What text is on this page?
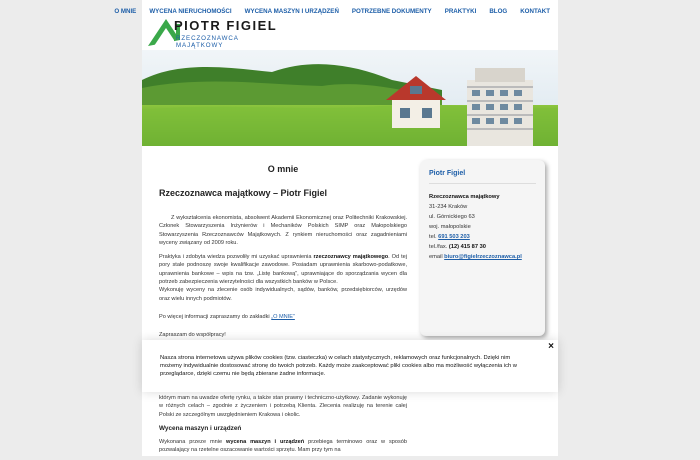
O MNIE WYCENA NIERUCHOMOŚCI WYCENA MASZYN I URZĄDZEŃ POTRZEBNE DOKUMENTY PRAKTYKI BLOG KONTAKT
PIOTR FIGIEL
RZECZOZNAWCA MAJĄTKOWY
O mnie
Rzeczoznawca majątkowy – Piotr Figiel

Z wykształcenia ekonomista, absolwent Akademii Ekonomicznej oraz Politechniki Krakowskiej. Członek Stowarzyszenia Inżynierów i Mechaników Polskich SIMP oraz Małopolskiego Stowarzyszenia Rzeczoznawców Majątkowych. Z rynkiem nieruchomości oraz zagadnieniami wyceny związany od 2009 roku.

Praktyka i zdobyta wiedza pozwoliły mi uzyskać uprawnienia rzeczoznawcy majątkowego. Od tej pory stale podnoszę swoje kwalifikacje zawodowe. Posiadam uprawnienia skarbowo-podatkowe, uprawnienia bankowe – wpis na tzw. „Listę bankową”, uprawniające do sporządzania wycen dla potrzeb zabezpieczenia wierzytelności dla wszystkich banków w Polsce.

Wykonuję wyceny na zlecenie osób indywidualnych, sądów, banków, przedsiębiorców, urzędów oraz wielu innych podmiotów.

Po więcej informacji zapraszamy do zakładki „O MNIE”

Zapraszam do współpracy!

Piotr Figiel
Rzeczoznawca majątkowy
31-234 Kraków
ul. Górnickiego 63
woj. małopolskie
tel. 691 503 203
tel./fax. (12) 415 87 30
email biuro@figielrzeczoznawca.pl
×
Nasza strona internetowa używa plików cookies (tzw. ciasteczka) w celach statystycznych, reklamowych oraz funkcjonalnych. Dzięki nim możemy indywidualnie dostosować stronę do twoich potrzeb. Każdy może zaakceptować pliki cookies albo ma możliwość wyłączenia ich w przeglądarce, dzięki czemu nie będą zbierane żadne informacje.

którym mam na uwadze ofertę rynku, a także stan prawny i techniczno-użytkowy. Zadanie wykonuję w różnych celach – zgodnie z życzeniem i potrzebą Klienta. Zlecenia realizuję na terenie całej Polski ze szczególnym uwzględnieniem Krakowa i okolic.

Wycena maszyn i urządzeń

Wykonana przeze mnie wycena maszyn i urządzeń przebiega terminowo oraz w sposób pozwalający na rzetelne oszacowanie wartości sprzętu. Mam przy tym na
